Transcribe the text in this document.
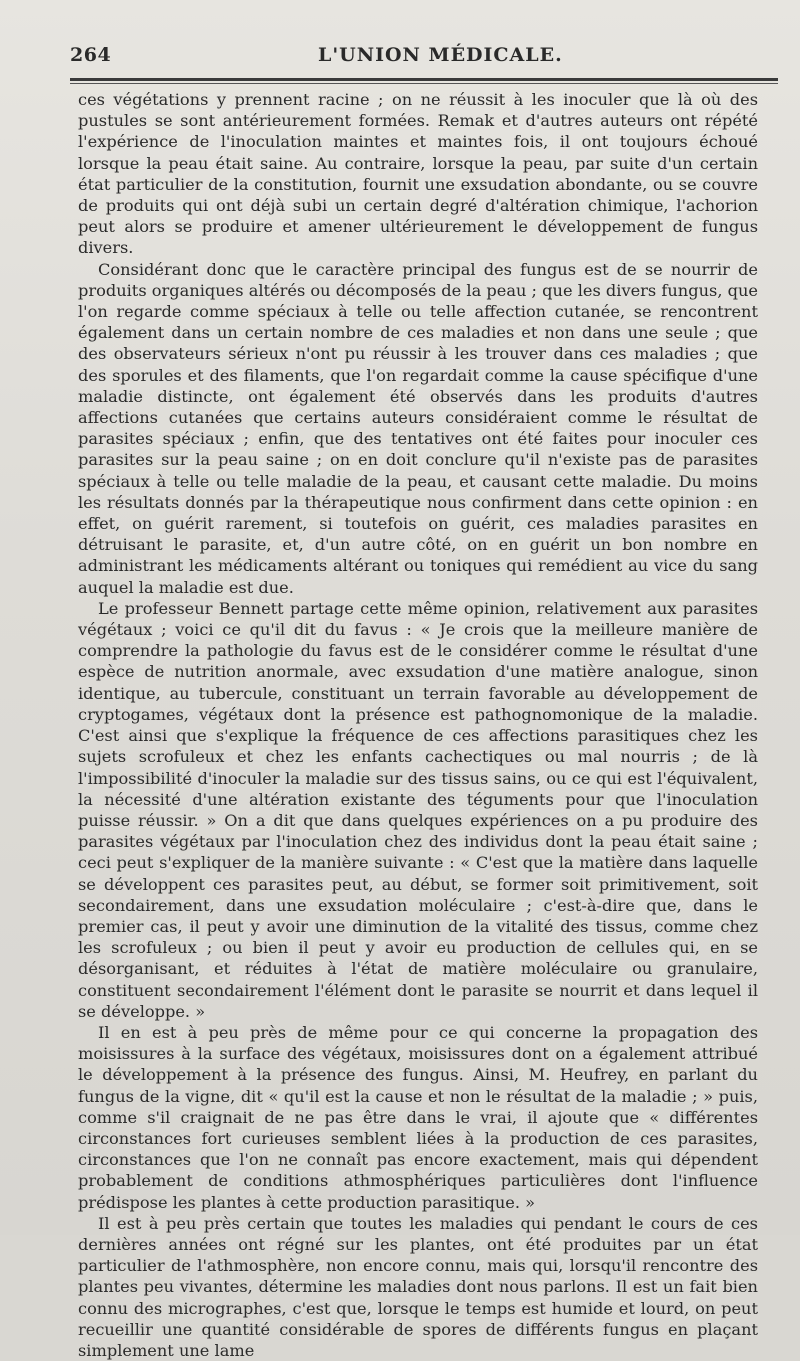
264	L'UNION MÉDICALE.

ces végétations y prennent racine ; on ne réussit à les inoculer que là où des pustules se sont antérieurement formées. Remak et d'autres auteurs ont répété l'expérience de l'inoculation maintes et maintes fois, il ont toujours échoué lorsque la peau était saine. Au contraire, lorsque la peau, par suite d'un certain état particulier de la constitution, fournit une exsudation abondante, ou se couvre de produits qui ont déjà subi un certain degré d'altération chimique, l'achorion peut alors se produire et amener ultérieurement le développement de fungus divers.

Considérant donc que le caractère principal des fungus est de se nourrir de produits organiques altérés ou décomposés de la peau ; que les divers fungus, que l'on regarde comme spéciaux à telle ou telle affection cutanée, se rencontrent également dans un certain nombre de ces maladies et non dans une seule ; que des observateurs sérieux n'ont pu réussir à les trouver dans ces maladies ; que des sporules et des filaments, que l'on regardait comme la cause spécifique d'une maladie distincte, ont également été observés dans les produits d'autres affections cutanées que certains auteurs considéraient comme le résultat de parasites spéciaux ; enfin, que des tentatives ont été faites pour inoculer ces parasites sur la peau saine ; on en doit conclure qu'il n'existe pas de parasites spéciaux à telle ou telle maladie de la peau, et causant cette maladie. Du moins les résultats donnés par la thérapeutique nous confirment dans cette opinion : en effet, on guérit rarement, si toutefois on guérit, ces maladies parasites en détruisant le parasite, et, d'un autre côté, on en guérit un bon nombre en administrant les médicaments altérant ou toniques qui remédient au vice du sang auquel la maladie est due.

Le professeur Bennett partage cette même opinion, relativement aux parasites végétaux ; voici ce qu'il dit du favus : « Je crois que la meilleure manière de comprendre la pathologie du favus est de le considérer comme le résultat d'une espèce de nutrition anormale, avec exsudation d'une matière analogue, sinon identique, au tubercule, constituant un terrain favorable au développement de cryptogames, végétaux dont la présence est pathognomonique de la maladie. C'est ainsi que s'explique la fréquence de ces affections parasitiques chez les sujets scrofuleux et chez les enfants cachectiques ou mal nourris ; de là l'impossibilité d'inoculer la maladie sur des tissus sains, ou ce qui est l'équivalent, la nécessité d'une altération existante des téguments pour que l'inoculation puisse réussir. » On a dit que dans quelques expériences on a pu produire des parasites végétaux par l'inoculation chez des individus dont la peau était saine ; ceci peut s'expliquer de la manière suivante : « C'est que la matière dans laquelle se développent ces parasites peut, au début, se former soit primitivement, soit secondairement, dans une exsudation moléculaire ; c'est-à-dire que, dans le premier cas, il peut y avoir une diminution de la vitalité des tissus, comme chez les scrofuleux ; ou bien il peut y avoir eu production de cellules qui, en se désorganisant, et réduites à l'état de matière moléculaire ou granulaire, constituent secondairement l'élément dont le parasite se nourrit et dans lequel il se développe. »

Il en est à peu près de même pour ce qui concerne la propagation des moisissures à la surface des végétaux, moisissures dont on a également attribué le développement à la présence des fungus. Ainsi, M. Heufrey, en parlant du fungus de la vigne, dit « qu'il est la cause et non le résultat de la maladie ; » puis, comme s'il craignait de ne pas être dans le vrai, il ajoute que « différentes circonstances fort curieuses semblent liées à la production de ces parasites, circonstances que l'on ne connaît pas encore exactement, mais qui dépendent probablement de conditions athmosphériques particulières dont l'influence prédispose les plantes à cette production parasitique. »

Il est à peu près certain que toutes les maladies qui pendant le cours de ces dernières années ont régné sur les plantes, ont été produites par un état particulier de l'athmosphère, non encore connu, mais qui, lorsqu'il rencontre des plantes peu vivantes, détermine les maladies dont nous parlons. Il est un fait bien connu des micrographes, c'est que, lorsque le temps est humide et lourd, on peut recueillir une quantité considérable de spores de différents fungus en plaçant simplement une lame
